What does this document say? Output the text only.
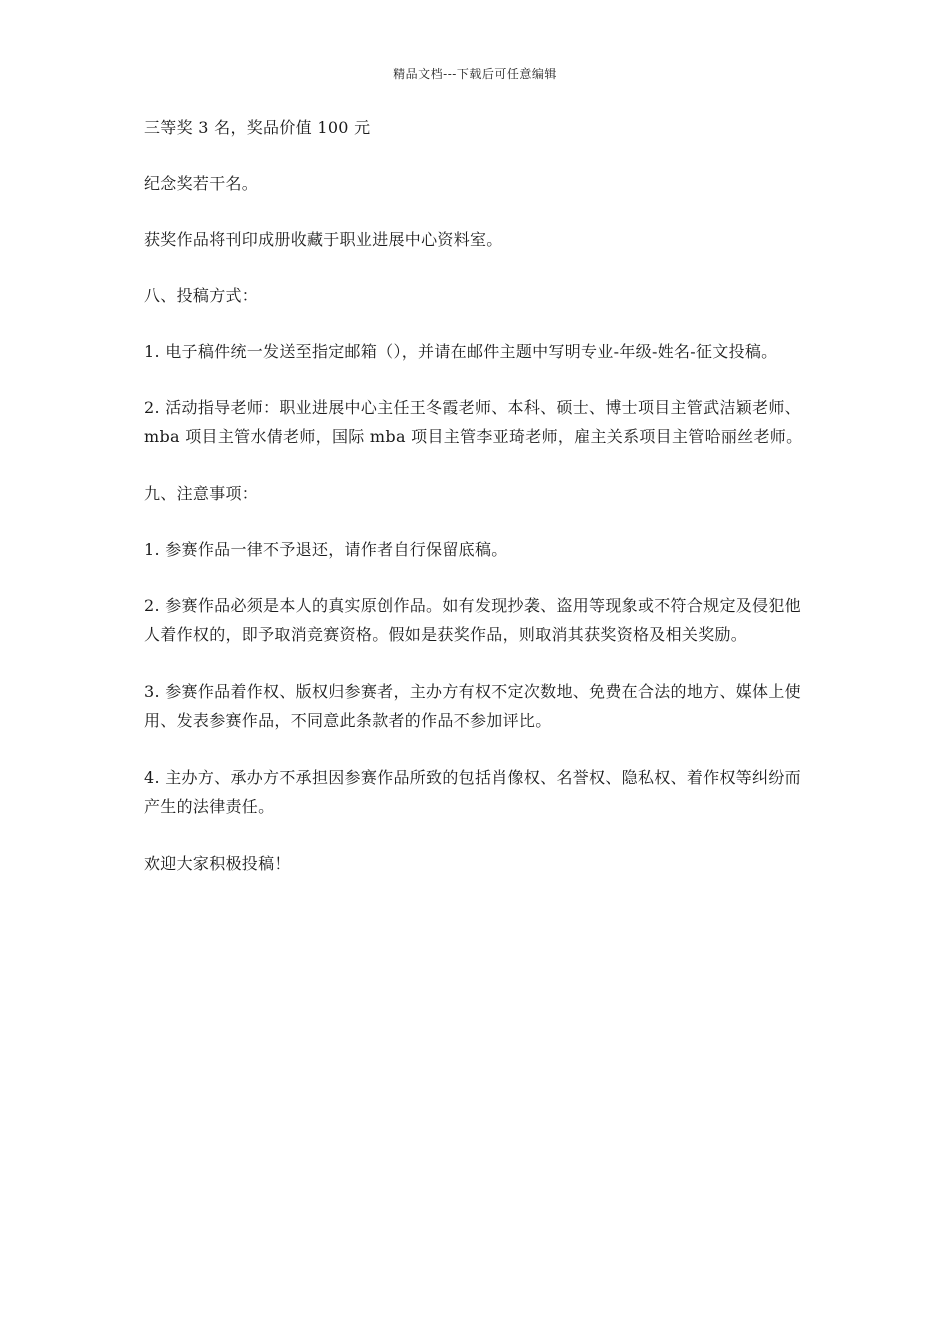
精品文档---下载后可任意编辑

三等奖 3 名，奖品价值 100 元

纪念奖若干名。

获奖作品将刊印成册收藏于职业进展中心资料室。

八、投稿方式：

1. 电子稿件统一发送至指定邮箱（），并请在邮件主题中写明专业-年级-姓名-征文投稿。

2. 活动指导老师：职业进展中心主任王冬霞老师、本科、硕士、博士项目主管武洁颖老师、mba 项目主管水倩老师，国际 mba 项目主管李亚琦老师，雇主关系项目主管哈丽丝老师。

九、注意事项：

1. 参赛作品一律不予退还，请作者自行保留底稿。

2. 参赛作品必须是本人的真实原创作品。如有发现抄袭、盗用等现象或不符合规定及侵犯他人着作权的，即予取消竞赛资格。假如是获奖作品，则取消其获奖资格及相关奖励。

3. 参赛作品着作权、版权归参赛者，主办方有权不定次数地、免费在合法的地方、媒体上使用、发表参赛作品，不同意此条款者的作品不参加评比。

4. 主办方、承办方不承担因参赛作品所致的包括肖像权、名誉权、隐私权、着作权等纠纷而产生的法律责任。

欢迎大家积极投稿！
